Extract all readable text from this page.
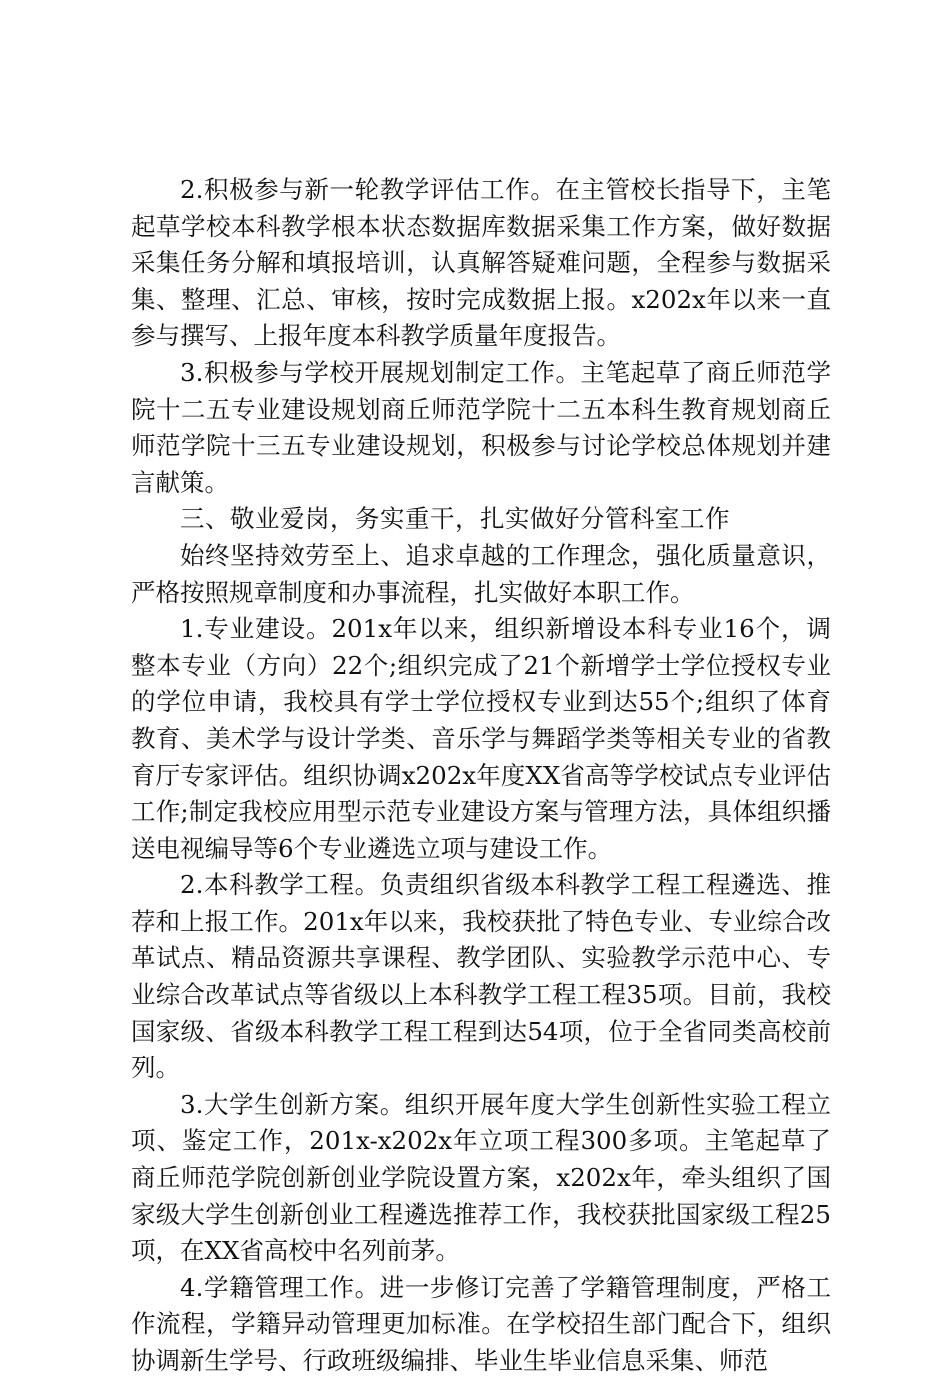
2.积极参与新一轮教学评估工作。在主管校长指导下，主笔起草学校本科教学根本状态数据库数据采集工作方案，做好数据采集任务分解和填报培训，认真解答疑难问题，全程参与数据采集、整理、汇总、审核，按时完成数据上报。x202x年以来一直参与撰写、上报年度本科教学质量年度报告。

3.积极参与学校开展规划制定工作。主笔起草了商丘师范学院十二五专业建设规划商丘师范学院十二五本科生教育规划商丘师范学院十三五专业建设规划，积极参与讨论学校总体规划并建言献策。

三、敬业爱岗，务实重干，扎实做好分管科室工作

始终坚持效劳至上、追求卓越的工作理念，强化质量意识，严格按照规章制度和办事流程，扎实做好本职工作。

1.专业建设。201x年以来，组织新增设本科专业16个，调整本专业（方向）22个;组织完成了21个新增学士学位授权专业的学位申请，我校具有学士学位授权专业到达55个;组织了体育教育、美术学与设计学类、音乐学与舞蹈学类等相关专业的省教育厅专家评估。组织协调x202x年度XX省高等学校试点专业评估工作;制定我校应用型示范专业建设方案与管理方法，具体组织播送电视编导等6个专业遴选立项与建设工作。

2.本科教学工程。负责组织省级本科教学工程工程遴选、推荐和上报工作。201x年以来，我校获批了特色专业、专业综合改革试点、精品资源共享课程、教学团队、实验教学示范中心、专业综合改革试点等省级以上本科教学工程工程35项。目前，我校国家级、省级本科教学工程工程到达54项，位于全省同类高校前列。

3.大学生创新方案。组织开展年度大学生创新性实验工程立项、鉴定工作，201x-x202x年立项工程300多项。主笔起草了商丘师范学院创新创业学院设置方案，x202x年，牵头组织了国家级大学生创新创业工程遴选推荐工作，我校获批国家级工程25项，在XX省高校中名列前茅。

4.学籍管理工作。进一步修订完善了学籍管理制度，严格工作流程，学籍异动管理更加标准。在学校招生部门配合下，组织协调新生学号、行政班级编排、毕业生毕业信息采集、师范
